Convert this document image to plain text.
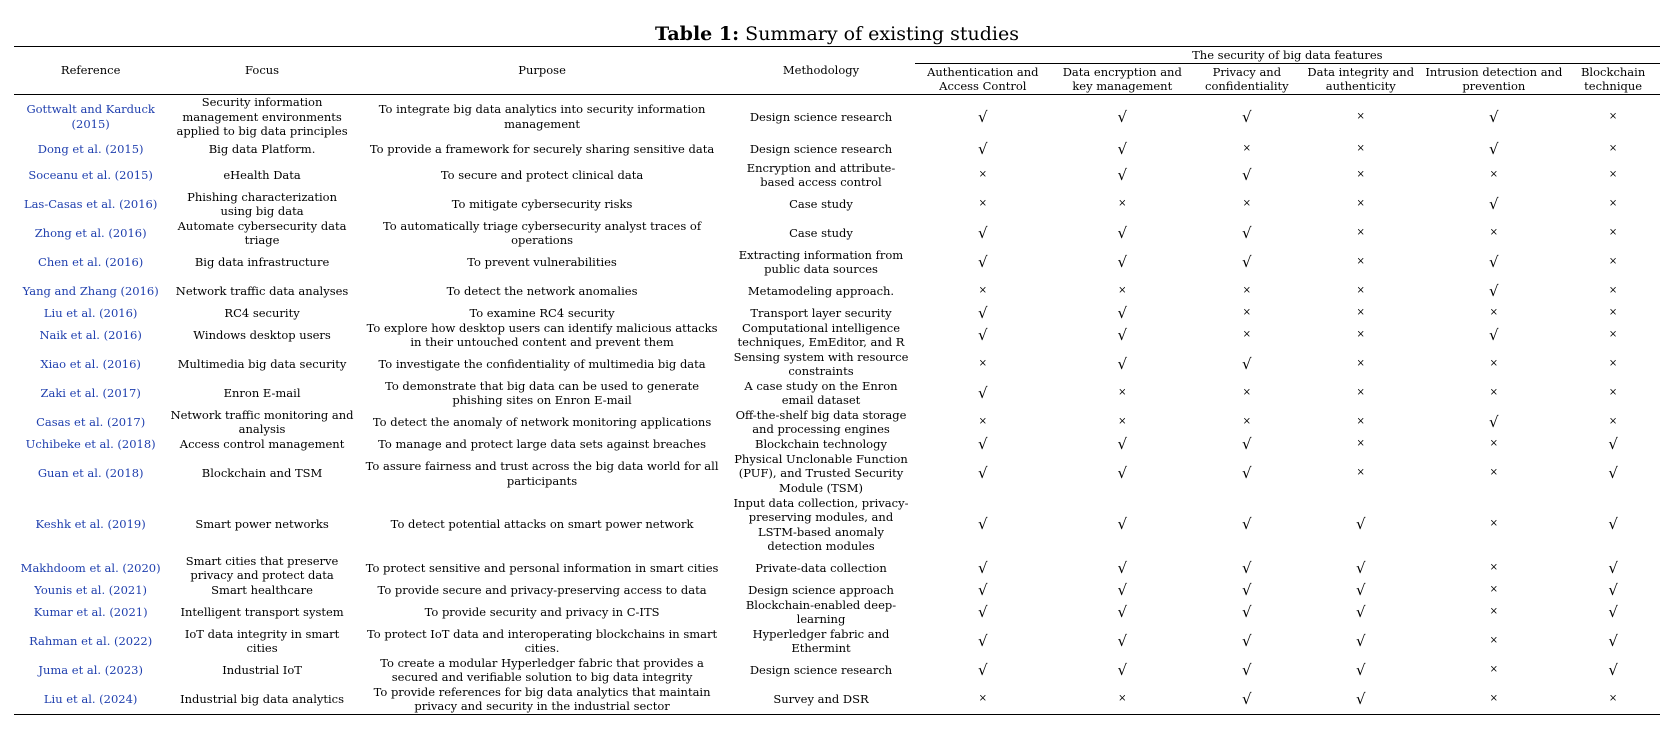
Table 1: Summary of existing studies
Reference	Focus	Purpose	Methodology	The security of big data features					
				Authentication and Access Control	Data encryption and key management	Privacy and confidentiality	Data integrity and authenticity	Intrusion detection and prevention	Blockchain technique
Gottwalt and Karduck (2015)	Security information management environments applied to big data principles	To integrate big data analytics into security information management	Design science research	√	√	√	×	√	×
Dong et al. (2015)	Big data Platform.	To provide a framework for securely sharing sensitive data	Design science research	√	√	×	×	√	×
Soceanu et al. (2015)	eHealth Data	To secure and protect clinical data	Encryption and attribute-based access control	×	√	√	×	×	×
Las-Casas et al. (2016)	Phishing characterization using big data	To mitigate cybersecurity risks	Case study	×	×	×	×	√	×
Zhong et al. (2016)	Automate cybersecurity data triage	To automatically triage cybersecurity analyst traces of operations	Case study	√	√	√	×	×	×
Chen et al. (2016)	Big data infrastructure	To prevent vulnerabilities	Extracting information from public data sources	√	√	√	×	√	×
Yang and Zhang (2016)	Network traffic data analyses	To detect the network anomalies	Metamodeling approach.	×	×	×	×	√	×
Liu et al. (2016)	RC4 security	To examine RC4 security	Transport layer security	√	√	×	×	×	×
Naik et al. (2016)	Windows desktop users	To explore how desktop users can identify malicious attacks in their untouched content and prevent them	Computational intelligence techniques, EmEditor, and R	√	√	×	×	√	×
Xiao et al. (2016)	Multimedia big data security	To investigate the confidentiality of multimedia big data	Sensing system with resource constraints	×	√	√	×	×	×
Zaki et al. (2017)	Enron E-mail	To demonstrate that big data can be used to generate phishing sites on Enron E-mail	A case study on the Enron email dataset	√	×	×	×	×	×
Casas et al. (2017)	Network traffic monitoring and analysis	To detect the anomaly of network monitoring applications	Off-the-shelf big data storage and processing engines	×	×	×	×	√	×
Uchibeke et al. (2018)	Access control management	To manage and protect large data sets against breaches	Blockchain technology	√	√	√	×	×	√
Guan et al. (2018)	Blockchain and TSM	To assure fairness and trust across the big data world for all participants	Physical Unclonable Function (PUF), and Trusted Security Module (TSM)	√	√	√	×	×	√
Keshk et al. (2019)	Smart power networks	To detect potential attacks on smart power network	Input data collection, privacy-preserving modules, and LSTM-based anomaly detection modules	√	√	√	√	×	√
Makhdoom et al. (2020)	Smart cities that preserve privacy and protect data	To protect sensitive and personal information in smart cities	Private-data collection	√	√	√	√	×	√
Younis et al. (2021)	Smart healthcare	To provide secure and privacy-preserving access to data	Design science approach	√	√	√	√	×	√
Kumar et al. (2021)	Intelligent transport system	To provide security and privacy in C-ITS	Blockchain-enabled deep-learning	√	√	√	√	×	√
Rahman et al. (2022)	IoT data integrity in smart cities	To protect IoT data and interoperating blockchains in smart cities.	Hyperledger fabric and Ethermint	√	√	√	√	×	√
Juma et al. (2023)	Industrial IoT	To create a modular Hyperledger fabric that provides a secured and verifiable solution to big data integrity	Design science research	√	√	√	√	×	√
Liu et al. (2024)	Industrial big data analytics	To provide references for big data analytics that maintain privacy and security in the industrial sector	Survey and DSR	×	×	√	√	×	×
